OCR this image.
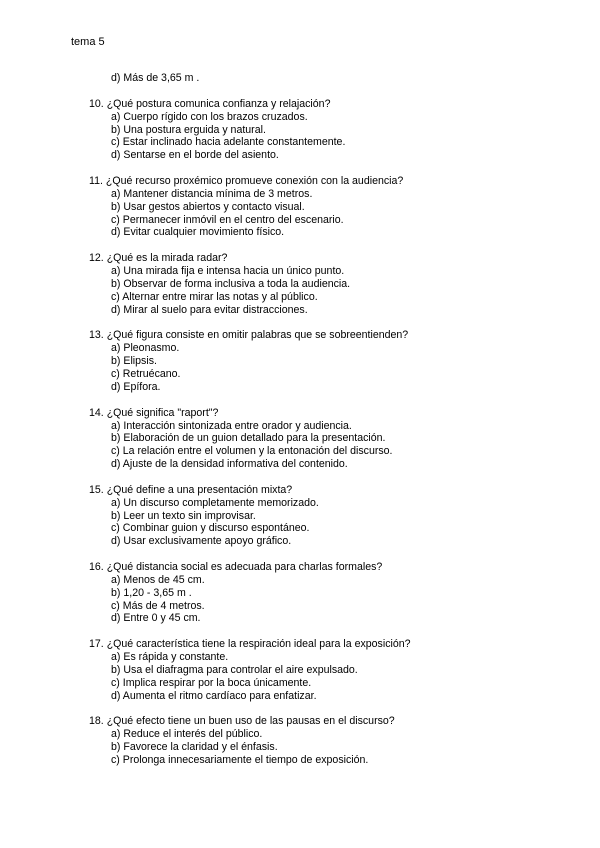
tema 5
d) Más de 3,65 m .
10. ¿Qué postura comunica confianza y relajación?
a) Cuerpo rígido con los brazos cruzados.
b) Una postura erguida y natural.
c) Estar inclinado hacia adelante constantemente.
d) Sentarse en el borde del asiento.
11. ¿Qué recurso proxémico promueve conexión con la audiencia?
a) Mantener distancia mínima de 3 metros.
b) Usar gestos abiertos y contacto visual.
c) Permanecer inmóvil en el centro del escenario.
d) Evitar cualquier movimiento físico.
12. ¿Qué es la mirada radar?
a) Una mirada fija e intensa hacia un único punto.
b) Observar de forma inclusiva a toda la audiencia.
c) Alternar entre mirar las notas y al público.
d) Mirar al suelo para evitar distracciones.
13. ¿Qué figura consiste en omitir palabras que se sobreentienden?
a) Pleonasmo.
b) Elipsis.
c) Retruécano.
d) Epífora.
14. ¿Qué significa "raport"?
a) Interacción sintonizada entre orador y audiencia.
b) Elaboración de un guion detallado para la presentación.
c) La relación entre el volumen y la entonación del discurso.
d) Ajuste de la densidad informativa del contenido.
15. ¿Qué define a una presentación mixta?
a) Un discurso completamente memorizado.
b) Leer un texto sin improvisar.
c) Combinar guion y discurso espontáneo.
d) Usar exclusivamente apoyo gráfico.
16. ¿Qué distancia social es adecuada para charlas formales?
a) Menos de 45 cm.
b) 1,20 - 3,65 m .
c) Más de 4 metros.
d) Entre 0 y 45 cm.
17. ¿Qué característica tiene la respiración ideal para la exposición?
a) Es rápida y constante.
b) Usa el diafragma para controlar el aire expulsado.
c) Implica respirar por la boca únicamente.
d) Aumenta el ritmo cardíaco para enfatizar.
18. ¿Qué efecto tiene un buen uso de las pausas en el discurso?
a) Reduce el interés del público.
b) Favorece la claridad y el énfasis.
c) Prolonga innecesariamente el tiempo de exposición.
